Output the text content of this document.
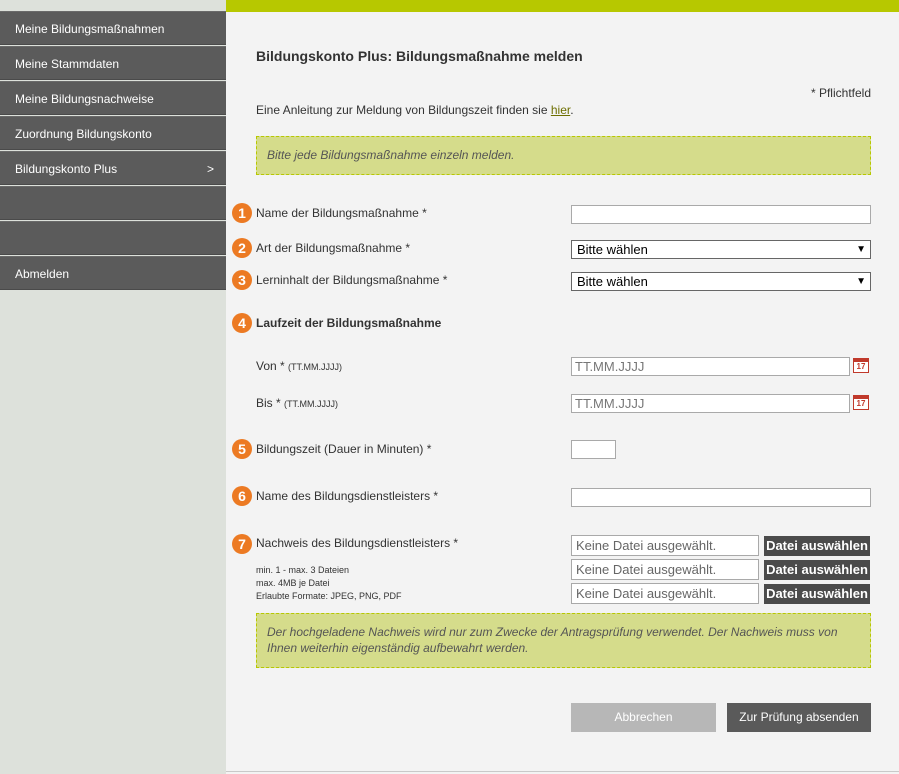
Meine Bildungsmaßnahmen
Meine Stammdaten
Meine Bildungsnachweise
Zuordnung Bildungskonto
Bildungskonto Plus	>
Abmelden
Bildungskonto Plus: Bildungsmaßnahme melden
* Pflichtfeld
Eine Anleitung zur Meldung von Bildungszeit finden sie hier.
Bitte jede Bildungsmaßnahme einzeln melden.
1 Name der Bildungsmaßnahme *
2 Art der Bildungsmaßnahme *	Bitte wählen	▼
3 Lerninhalt der Bildungsmaßnahme *	Bitte wählen	▼
4 Laufzeit der Bildungsmaßnahme
Von * (TT.MM.JJJJ)	TT.MM.JJJJ	17
Bis * (TT.MM.JJJJ)	TT.MM.JJJJ	17
5 Bildungszeit (Dauer in Minuten) *
6 Name des Bildungsdienstleisters *
7 Nachweis des Bildungsdienstleisters *
min. 1 - max. 3 Dateien
max. 4MB je Datei
Erlaubte Formate: JPEG, PNG, PDF
Keine Datei ausgewählt.	Datei auswählen
Keine Datei ausgewählt.	Datei auswählen
Keine Datei ausgewählt.	Datei auswählen
Der hochgeladene Nachweis wird nur zum Zwecke der Antragsprüfung verwendet. Der Nachweis muss von Ihnen weiterhin eigenständig aufbewahrt werden.
Abbrechen	Zur Prüfung absenden
